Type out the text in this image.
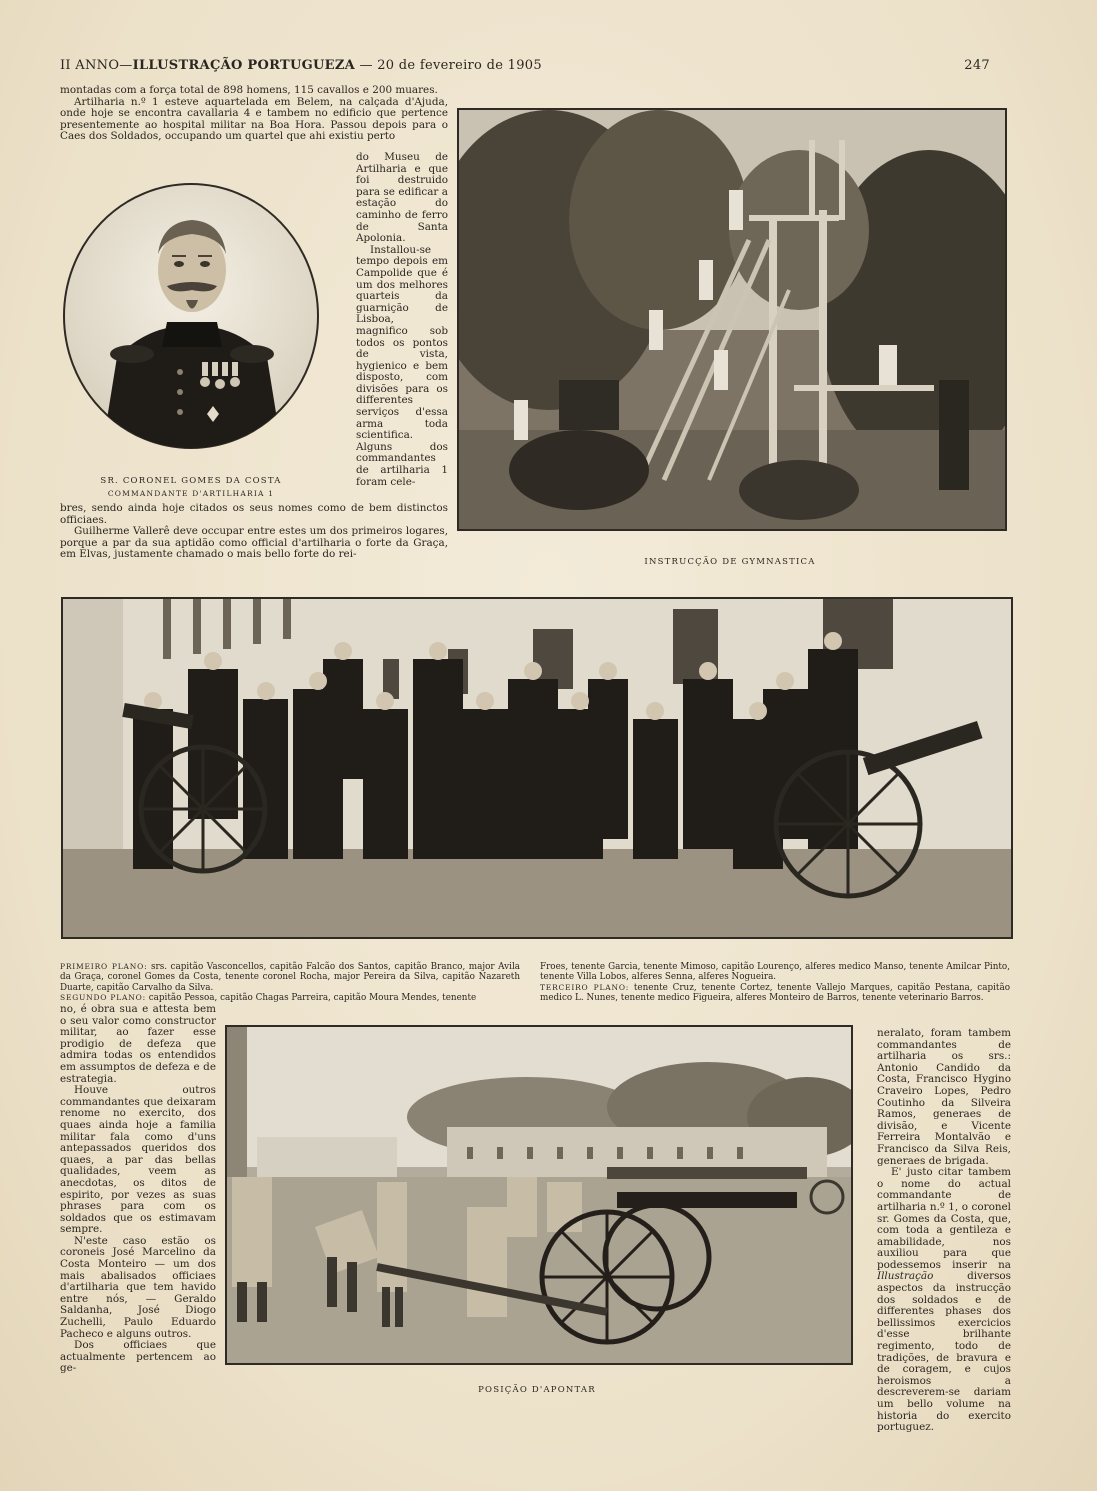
II ANNO—ILLUSTRAÇÃO PORTUGUEZA — 20 de fevereiro de 1905	247

montadas com a força total de 898 homens, 115 cavallos e 200 muares.

Artilharia n.º 1 esteve aquartelada em Belem, na calçada d'Ajuda, onde hoje se encontra cavallaria 4 e tambem no edificio que pertence presentemente ao hospital militar na Boa Hora. Passou depois para o Caes dos Soldados, occupando um quartel que ahi existiu perto

SR. CORONEL GOMES DA COSTA
COMMANDANTE D'ARTILHARIA 1

do Museu de Artilharia e que foi destruido para se edificar a estação do caminho de ferro de Santa Apolonia.

Installou-se tempo depois em Campolide que é um dos melhores quarteis da guarnição de Lisboa, magnifico sob todos os pontos de vista, hygienico e bem disposto, com divisões para os differentes serviços d'essa arma toda scientifica. Alguns dos commandantes de artilharia 1 foram cele-

bres, sendo ainda hoje citados os seus nomes como de bem distinctos officiaes.

Guilherme Vallerê deve occupar entre estes um dos primeiros logares, porque a par da sua aptidão como official d'artilharia o forte da Graça, em Elvas, justamente chamado o mais bello forte do rei-

INSTRUCÇÃO DE GYMNASTICA
PRIMEIRO PLANO: srs. capitão Vasconcellos, capitão Falcão dos Santos, capitão Branco, major Avila da Graça, coronel Gomes da Costa, tenente coronel Rocha, major Pereira da Silva, capitão Nazareth Duarte, capitão Carvalho da Silva.
SEGUNDO PLANO: capitão Pessoa, capitão Chagas Parreira, capitão Moura Mendes, tenente
Froes, tenente Garcia, tenente Mimoso, capitão Lourenço, alferes medico Manso, tenente Amilcar Pinto, tenente Villa Lobos, alferes Senna, alferes Nogueira.
TERCEIRO PLANO: tenente Cruz, tenente Cortez, tenente Vallejo Marques, capitão Pestana, capitão medico L. Nunes, tenente medico Figueira, alferes Monteiro de Barros, tenente veterinario Barros.

no, é obra sua e attesta bem o seu valor como constructor militar, ao fazer esse prodigio de defeza que admira todas os entendidos em assumptos de defeza e de estrategia.

Houve outros commandantes que deixaram renome no exercito, dos quaes ainda hoje a familia militar fala como d'uns antepassados queridos dos quaes, a par das bellas qualidades, veem as anecdotas, os ditos de espirito, por vezes as suas phrases para com os soldados que os estimavam sempre.

N'este caso estão os coroneis José Marcelino da Costa Monteiro — um dos mais abalisados officiaes d'artilharia que tem havido entre nós, — Geraldo Saldanha, José Diogo Zuchelli, Paulo Eduardo Pacheco e alguns outros.

Dos officiaes que actualmente pertencem ao ge-

POSIÇÃO D'APONTAR

neralato, foram tambem commandantes de artilharia os srs.: Antonio Candido da Costa, Francisco Hygino Craveiro Lopes, Pedro Coutinho da Silveira Ramos, generaes de divisão, e Vicente Ferreira Montalvão e Francisco da Silva Reis, generaes de brigada.

E' justo citar tambem o nome do actual commandante de artilharia n.º 1, o coronel sr. Gomes da Costa, que, com toda a gentileza e amabilidade, nos auxiliou para que podessemos inserir na Illustração diversos aspectos da instrucção dos soldados e de differentes phases dos bellissimos exercicios d'esse brilhante regimento, todo de tradições, de bravura e de coragem, e cujos heroismos a descreverem-se dariam um bello volume na historia do exercito portuguez.
